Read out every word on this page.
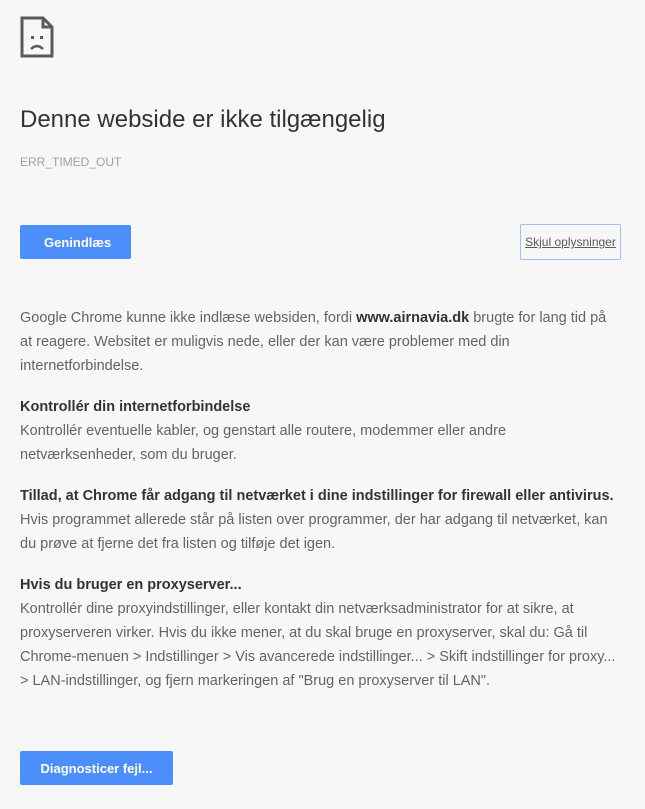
Denne webside er ikke tilgængelig
ERR_TIMED_OUT
Genindlæs	Skjul oplysninger

Google Chrome kunne ikke indlæse websiden, fordi www.airnavia.dk brugte for lang tid på at reagere. Websitet er muligvis nede, eller der kan være problemer med din internetforbindelse.

Kontrollér din internetforbindelse

Kontrollér eventuelle kabler, og genstart alle routere, modemmer eller andre netværksenheder, som du bruger.

Tillad, at Chrome får adgang til netværket i dine indstillinger for firewall eller antivirus.

Hvis programmet allerede står på listen over programmer, der har adgang til netværket, kan du prøve at fjerne det fra listen og tilføje det igen.

Hvis du bruger en proxyserver...

Kontrollér dine proxyindstillinger, eller kontakt din netværksadministrator for at sikre, at proxyserveren virker. Hvis du ikke mener, at du skal bruge en proxyserver, skal du: Gå til Chrome-menuen > Indstillinger > Vis avancerede indstillinger... > Skift indstillinger for proxy... > LAN-indstillinger, og fjern markeringen af "Brug en proxyserver til LAN".

Diagnosticer fejl...
